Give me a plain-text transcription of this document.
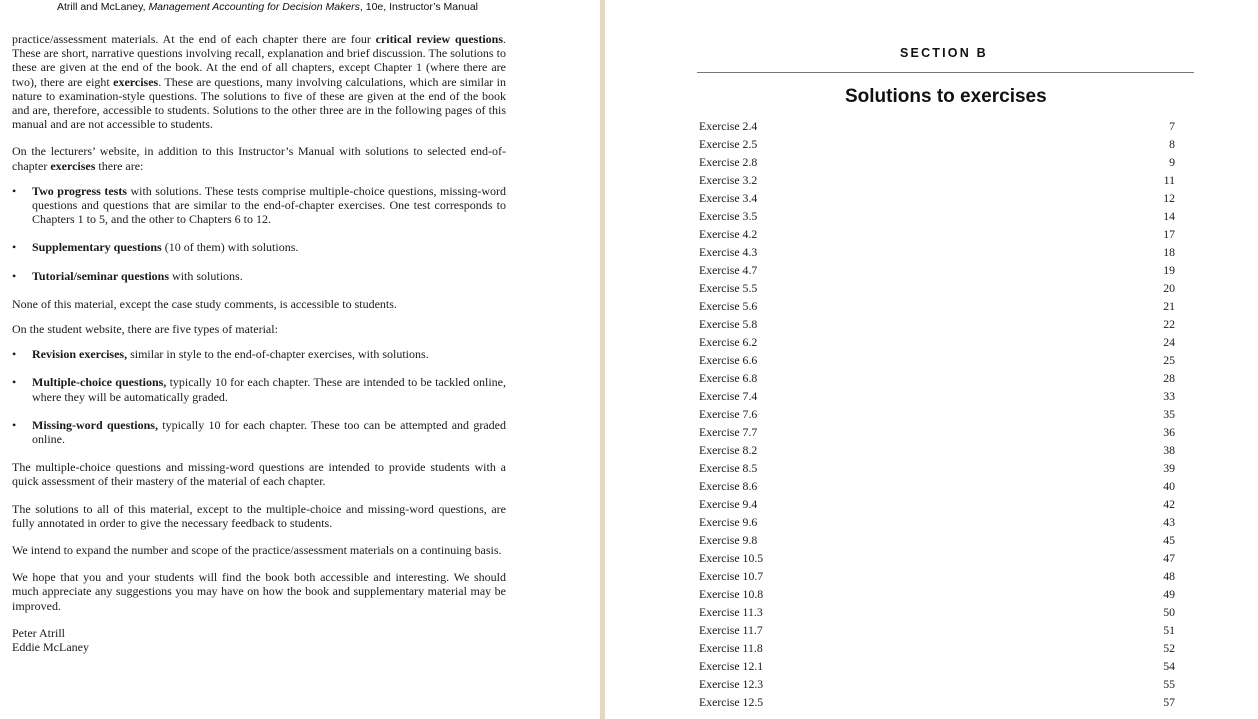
Atrill and McLaney, Management Accounting for Decision Makers, 10e, Instructor’s Manual

practice/assessment materials. At the end of each chapter there are four critical review questions. These are short, narrative questions involving recall, explanation and brief discussion. The solutions to these are given at the end of the book. At the end of all chapters, except Chapter 1 (where there are two), there are eight exercises. These are questions, many involving calculations, which are similar in nature to examination-style questions. The solutions to five of these are given at the end of the book and are, therefore, accessible to students. Solutions to the other three are in the following pages of this manual and are not accessible to students.

On the lecturers’ website, in addition to this Instructor’s Manual with solutions to selected end-of-chapter exercises there are:

• Two progress tests with solutions. These tests comprise multiple-choice questions, missing-word questions and questions that are similar to the end-of-chapter exercises. One test corresponds to Chapters 1 to 5, and the other to Chapters 6 to 12.
• Supplementary questions (10 of them) with solutions.
• Tutorial/seminar questions with solutions.

None of this material, except the case study comments, is accessible to students.

On the student website, there are five types of material:

• Revision exercises, similar in style to the end-of-chapter exercises, with solutions.
• Multiple-choice questions, typically 10 for each chapter. These are intended to be tackled online, where they will be automatically graded.
• Missing-word questions, typically 10 for each chapter. These too can be attempted and graded online.

The multiple-choice questions and missing-word questions are intended to provide students with a quick assessment of their mastery of the material of each chapter.

The solutions to all of this material, except to the multiple-choice and missing-word questions, are fully annotated in order to give the necessary feedback to students.

We intend to expand the number and scope of the practice/assessment materials on a continuing basis.

We hope that you and your students will find the book both accessible and interesting. We should much appreciate any suggestions you may have on how the book and supplementary material may be improved.

Peter Atrill
Eddie McLaney

SECTION B
Solutions to exercises
Exercise 2.4	7
Exercise 2.5	8
Exercise 2.8	9
Exercise 3.2	11
Exercise 3.4	12
Exercise 3.5	14
Exercise 4.2	17
Exercise 4.3	18
Exercise 4.7	19
Exercise 5.5	20
Exercise 5.6	21
Exercise 5.8	22
Exercise 6.2	24
Exercise 6.6	25
Exercise 6.8	28
Exercise 7.4	33
Exercise 7.6	35
Exercise 7.7	36
Exercise 8.2	38
Exercise 8.5	39
Exercise 8.6	40
Exercise 9.4	42
Exercise 9.6	43
Exercise 9.8	45
Exercise 10.5	47
Exercise 10.7	48
Exercise 10.8	49
Exercise 11.3	50
Exercise 11.7	51
Exercise 11.8	52
Exercise 12.1	54
Exercise 12.3	55
Exercise 12.5	57
